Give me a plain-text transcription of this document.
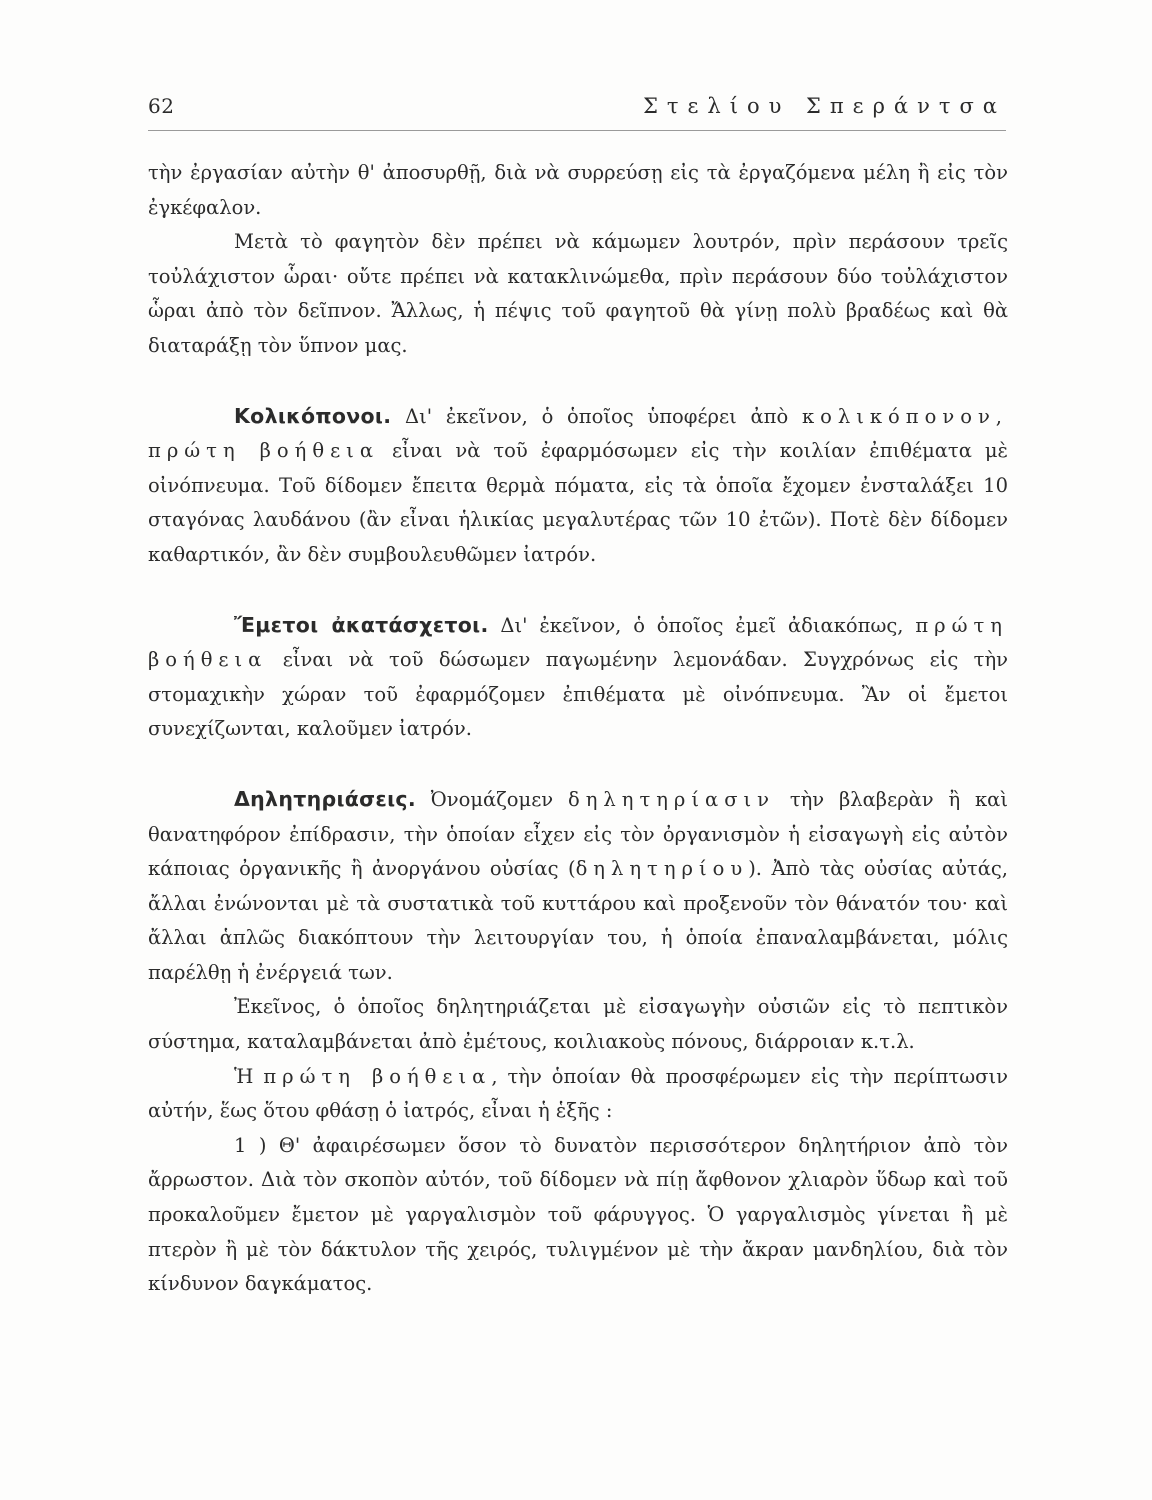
62	Στελίου Σπεράντσα

τὴν ἐργασίαν αὐτὴν θ' ἀποσυρθῇ, διὰ νὰ συρρεύσῃ εἰς τὰ ἐργαζόμενα μέλη ἢ εἰς τὸν ἐγκέφαλον.

Μετὰ τὸ φαγητὸν δὲν πρέπει νὰ κάμωμεν λουτρόν, πρὶν περάσουν τρεῖς τοὐλάχιστον ὧραι· οὔτε πρέπει νὰ κατακλινώμεθα, πρὶν περάσουν δύο τοὐλάχιστον ὧραι ἀπὸ τὸν δεῖπνον. Ἄλλως, ἡ πέψις τοῦ φαγητοῦ θὰ γίνῃ πολὺ βραδέως καὶ θὰ διαταράξῃ τὸν ὕπνον μας.

Κολικόπονοι. Δι' ἐκεῖνον, ὁ ὁποῖος ὑποφέρει ἀπὸ κολικόπονον, πρώτη βοήθεια εἶναι νὰ τοῦ ἐφαρμόσωμεν εἰς τὴν κοιλίαν ἐπιθέματα μὲ οἰνόπνευμα. Τοῦ δίδομεν ἔπειτα θερμὰ πόματα, εἰς τὰ ὁποῖα ἔχομεν ἐνσταλάξει 10 σταγόνας λαυδάνου (ἂν εἶναι ἡλικίας μεγαλυτέρας τῶν 10 ἐτῶν). Ποτὲ δὲν δίδομεν καθαρτικόν, ἂν δὲν συμβουλευθῶμεν ἰατρόν.

Ἔμετοι ἀκατάσχετοι. Δι' ἐκεῖνον, ὁ ὁποῖος ἐμεῖ ἀδιακόπως, πρώτη βοήθεια εἶναι νὰ τοῦ δώσωμεν παγωμένην λεμονάδαν. Συγχρόνως εἰς τὴν στομαχικὴν χώραν τοῦ ἐφαρμόζομεν ἐπιθέματα μὲ οἰνόπνευμα. Ἂν οἱ ἔμετοι συνεχίζωνται, καλοῦμεν ἰατρόν.

Δηλητηριάσεις. Ὀνομάζομεν δηλητηρίασιν τὴν βλαβερὰν ἢ καὶ θανατηφόρον ἐπίδρασιν, τὴν ὁποίαν εἶχεν εἰς τὸν ὀργανισμὸν ἡ εἰσαγωγὴ εἰς αὐτὸν κάποιας ὀργανικῆς ἢ ἀνοργάνου οὐσίας (δηλητηρίου). Ἀπὸ τὰς οὐσίας αὐτάς, ἄλλαι ἐνώνονται μὲ τὰ συστατικὰ τοῦ κυττάρου καὶ προξενοῦν τὸν θάνατόν του· καὶ ἄλλαι ἁπλῶς διακόπτουν τὴν λειτουργίαν του, ἡ ὁποία ἐπαναλαμβάνεται, μόλις παρέλθῃ ἡ ἐνέργειά των.

Ἐκεῖνος, ὁ ὁποῖος δηλητηριάζεται μὲ εἰσαγωγὴν οὐσιῶν εἰς τὸ πεπτικὸν σύστημα, καταλαμβάνεται ἀπὸ ἐμέτους, κοιλιακοὺς πόνους, διάρροιαν κ.τ.λ.

Ἡ πρώτη βοήθεια, τὴν ὁποίαν θὰ προσφέρωμεν εἰς τὴν περίπτωσιν αὐτήν, ἕως ὅτου φθάσῃ ὁ ἰατρός, εἶναι ἡ ἑξῆς :

1 ) Θ' ἀφαιρέσωμεν ὅσον τὸ δυνατὸν περισσότερον δηλητήριον ἀπὸ τὸν ἄρρωστον. Διὰ τὸν σκοπὸν αὐτόν, τοῦ δίδομεν νὰ πίῃ ἄφθονον χλιαρὸν ὕδωρ καὶ τοῦ προκαλοῦμεν ἔμετον μὲ γαργαλισμὸν τοῦ φάρυγγος. Ὁ γαργαλισμὸς γίνεται ἢ μὲ πτερὸν ἢ μὲ τὸν δάκτυλον τῆς χειρός, τυλιγμένον μὲ τὴν ἄκραν μανδηλίου, διὰ τὸν κίνδυνον δαγκάματος.
